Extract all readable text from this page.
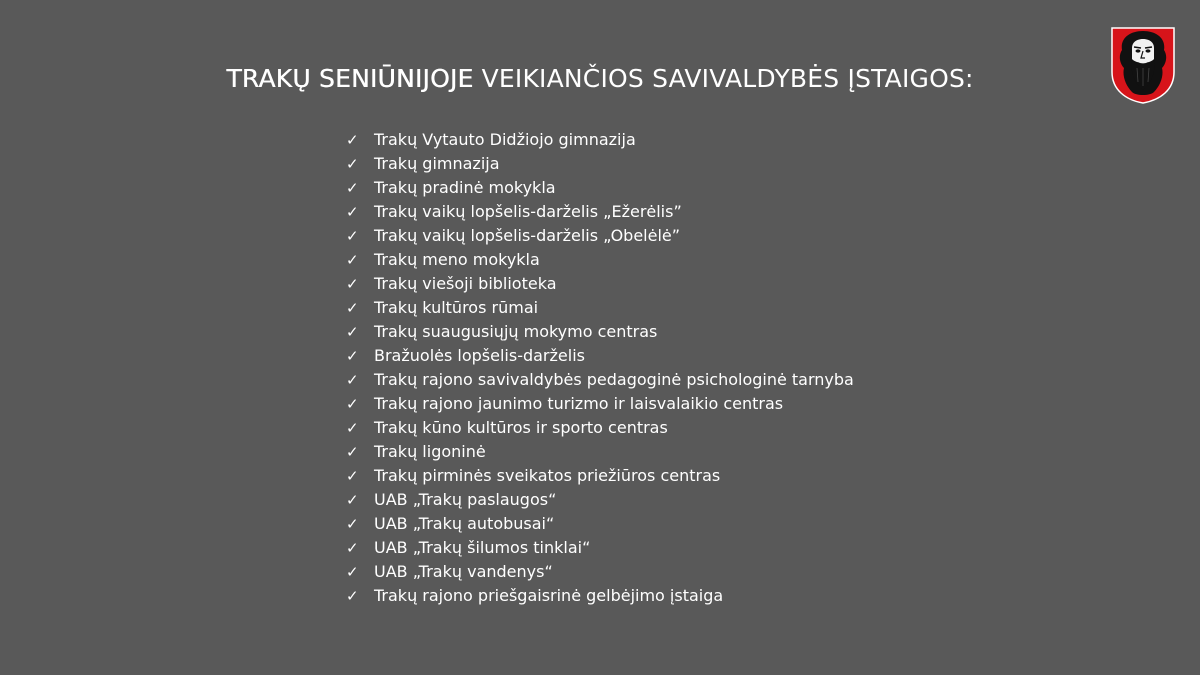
TRAKŲ SENIŪNIJOJE VEIKIANČIOS SAVIVALDYBĖS ĮSTAIGOS:
✓ Trakų Vytauto Didžiojo gimnazija
✓ Trakų gimnazija
✓ Trakų pradinė mokykla
✓ Trakų vaikų lopšelis-darželis „Ežerėlis”
✓ Trakų vaikų lopšelis-darželis „Obelėlė”
✓ Trakų meno mokykla
✓ Trakų viešoji biblioteka
✓ Trakų kultūros rūmai
✓ Trakų suaugusiųjų mokymo centras
✓ Bražuolės lopšelis-darželis
✓ Trakų rajono savivaldybės pedagoginė psichologinė tarnyba
✓ Trakų rajono jaunimo turizmo ir laisvalaikio centras
✓ Trakų kūno kultūros ir sporto centras
✓ Trakų ligoninė
✓ Trakų pirminės sveikatos priežiūros centras
✓ UAB „Trakų paslaugos“
✓ UAB „Trakų autobusai“
✓ UAB „Trakų šilumos tinklai“
✓ UAB „Trakų vandenys“
✓ Trakų rajono priešgaisrinė gelbėjimo įstaiga
